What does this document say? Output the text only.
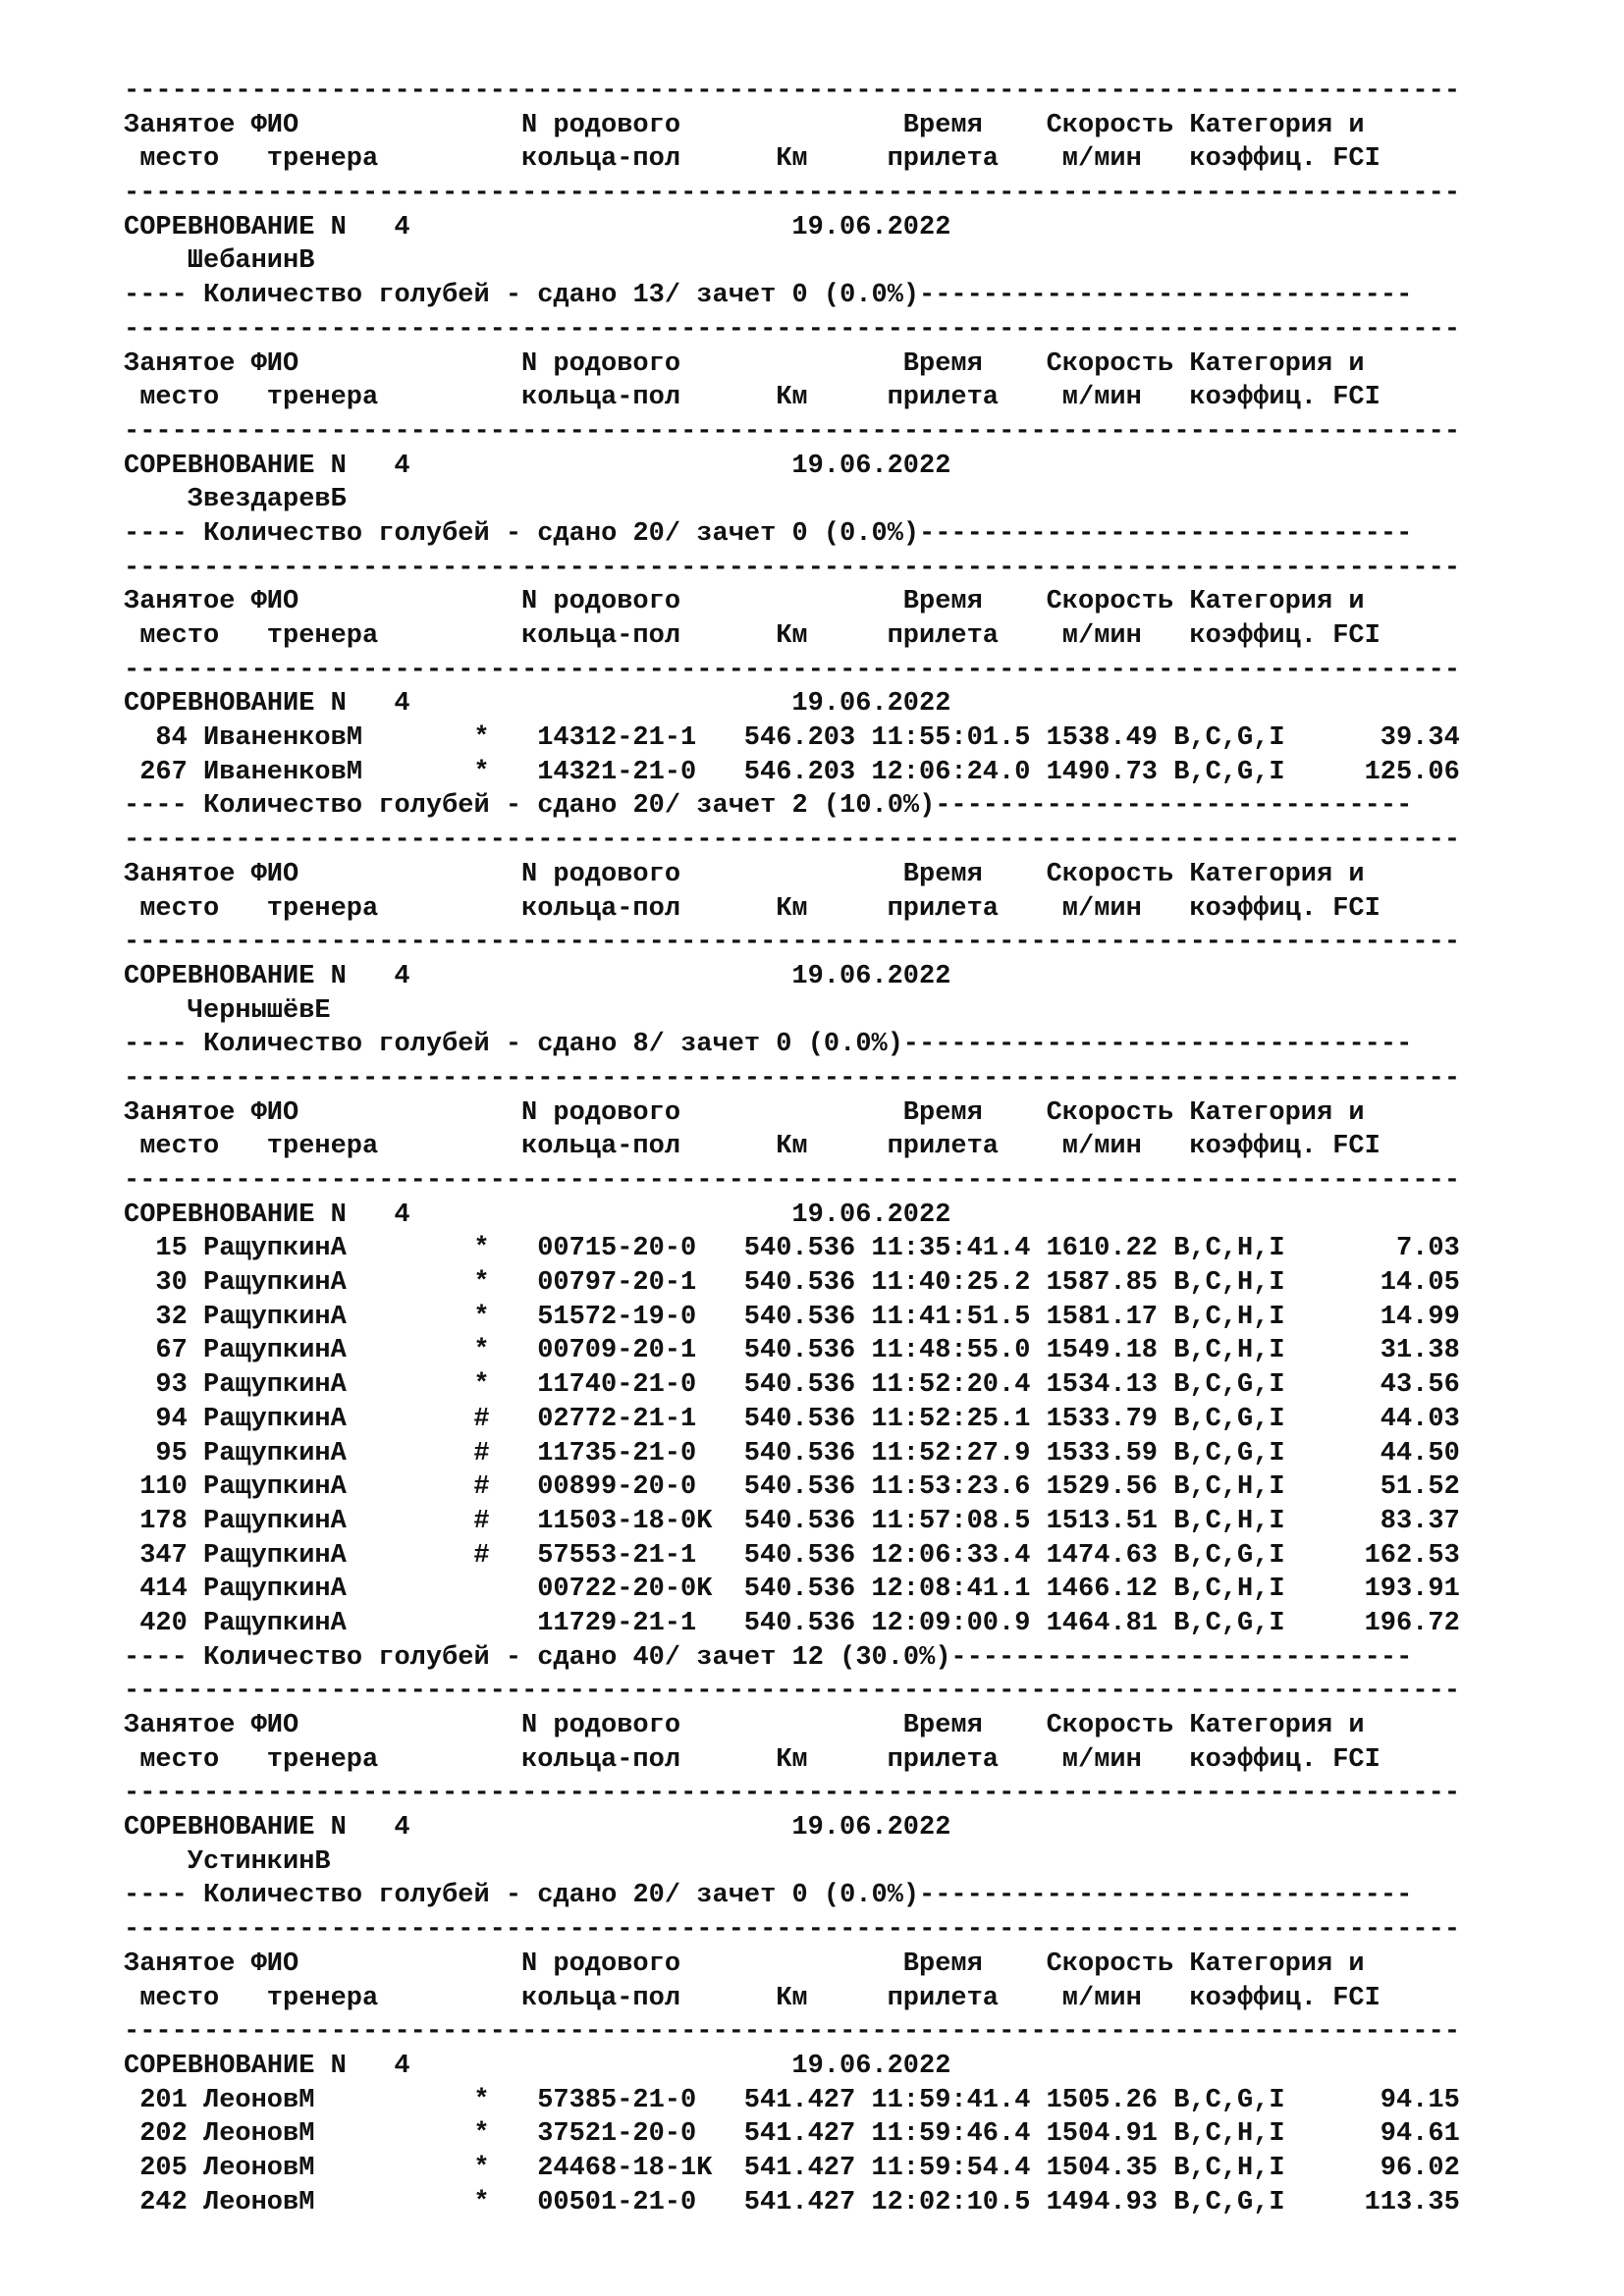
------------------------------------------------------------------------------------
Занятое ФИО	N родового	Время Скорость Категория и
место тренера	кольца-пол	Км	прилета м/мин коэффиц. FCI
------------------------------------------------------------------------------------
СОРЕВНОВАНИЕ N 4	19.06.2022
ШебанинВ
---- Количество голубей - сдано 13/ зачет 0 (0.0%) -------------------------------
------------------------------------------------------------------------------------
Занятое ФИО	N родового	Время Скорость Категория и
место тренера	кольца-пол	Км	прилета м/мин коэффиц. FCI
------------------------------------------------------------------------------------
СОРЕВНОВАНИЕ N 4	19.06.2022
ЗвездаревБ
---- Количество голубей - сдано 20/ зачет 0 (0.0%) -------------------------------
------------------------------------------------------------------------------------
Занятое ФИО	N родового	Время Скорость Категория и
место тренера	кольца-пол	Км	прилета м/мин коэффиц. FCI
------------------------------------------------------------------------------------
СОРЕВНОВАНИЕ N 4	19.06.2022
84 ИваненковМ	* 14312-21-1 546.203 11:55:01.5 1538.49 B,C,G,I	39.34
267 ИваненковМ	* 14321-21-0 546.203 12:06:24.0 1490.73 B,C,G,I	125.06
---- Количество голубей - сдано 20/ зачет 2 (10.0%) ------------------------------
------------------------------------------------------------------------------------
Занятое ФИО	N родового	Время Скорость Категория и
место тренера	кольца-пол	Км	прилета м/мин коэффиц. FCI
------------------------------------------------------------------------------------
СОРЕВНОВАНИЕ N 4	19.06.2022
ЧернышёвЕ
---- Количество голубей - сдано 8/ зачет 0 (0.0%) --------------------------------
------------------------------------------------------------------------------------
Занятое ФИО	N родового	Время Скорость Категория и
место тренера	кольца-пол	Км	прилета м/мин коэффиц. FCI
------------------------------------------------------------------------------------
СОРЕВНОВАНИЕ N 4	19.06.2022
15 РащупкинА	* 00715-20-0 540.536 11:35:41.4 1610.22 B,C,H,I	7.03
30 РащупкинА	* 00797-20-1 540.536 11:40:25.2 1587.85 B,C,H,I	14.05
32 РащупкинА	* 51572-19-0 540.536 11:41:51.5 1581.17 B,C,H,I	14.99
67 РащупкинА	* 00709-20-1 540.536 11:48:55.0 1549.18 B,C,H,I	31.38
93 РащупкинА	* 11740-21-0 540.536 11:52:20.4 1534.13 B,C,G,I	43.56
94 РащупкинА	# 02772-21-1 540.536 11:52:25.1 1533.79 B,C,G,I	44.03
95 РащупкинА	# 11735-21-0 540.536 11:52:27.9 1533.59 B,C,G,I	44.50
110 РащупкинА	# 00899-20-0 540.536 11:53:23.6 1529.56 B,C,H,I	51.52
178 РащупкинА	# 11503-18-0K 540.536 11:57:08.5 1513.51 B,C,H,I	83.37
347 РащупкинА	# 57553-21-1 540.536 12:06:33.4 1474.63 B,C,G,I	162.53
414 РащупкинА	00722-20-0K 540.536 12:08:41.1 1466.12 B,C,H,I	193.91
420 РащупкинА	11729-21-1 540.536 12:09:00.9 1464.81 B,C,G,I	196.72
---- Количество голубей - сдано 40/ зачет 12 (30.0%) -----------------------------
------------------------------------------------------------------------------------
Занятое ФИО	N родового	Время Скорость Категория и
место тренера	кольца-пол	Км	прилета м/мин коэффиц. FCI
------------------------------------------------------------------------------------
СОРЕВНОВАНИЕ N 4	19.06.2022
УстинкинВ
---- Количество голубей - сдано 20/ зачет 0 (0.0%) -------------------------------
------------------------------------------------------------------------------------
Занятое ФИО	N родового	Время Скорость Категория и
место тренера	кольца-пол	Км	прилета м/мин коэффиц. FCI
------------------------------------------------------------------------------------
СОРЕВНОВАНИЕ N 4	19.06.2022
201 ЛеоновМ	* 57385-21-0 541.427 11:59:41.4 1505.26 B,C,G,I	94.15
202 ЛеоновМ	* 37521-20-0 541.427 11:59:46.4 1504.91 B,C,H,I	94.61
205 ЛеоновМ	* 24468-18-1K 541.427 11:59:54.4 1504.35 B,C,H,I	96.02
242 ЛеоновМ	* 00501-21-0 541.427 12:02:10.5 1494.93 B,C,G,I	113.35
